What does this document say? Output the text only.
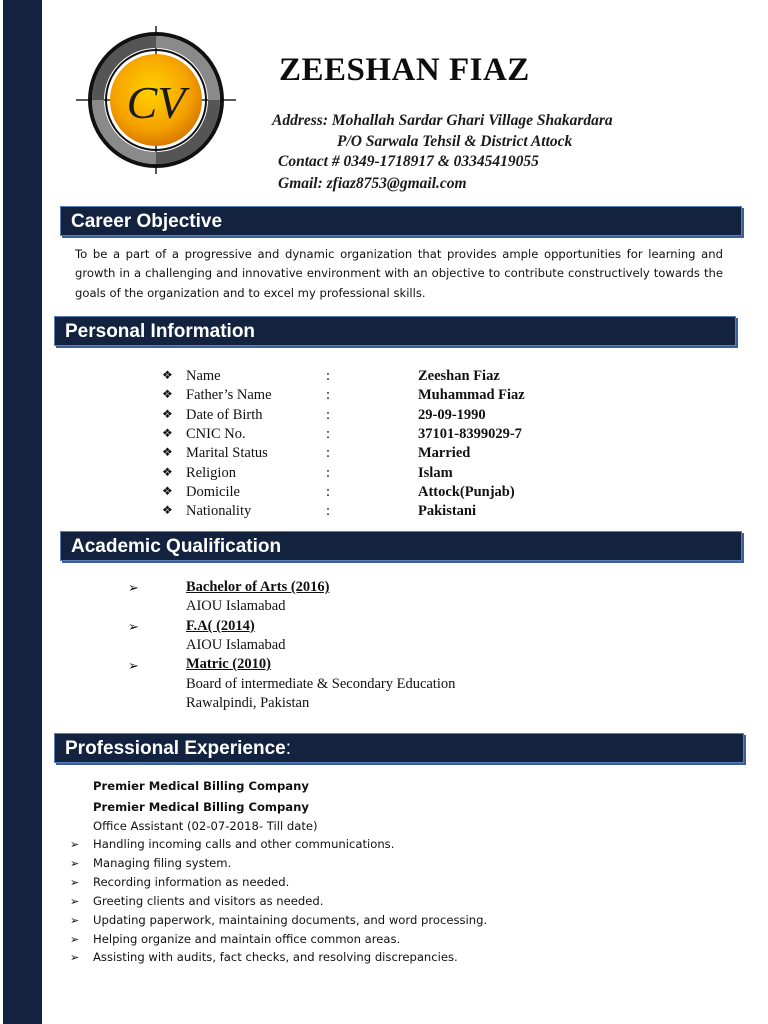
CV
ZEESHAN FIAZ
Address: Mohallah Sardar Ghari Village Shakardara
P/O Sarwala Tehsil & District Attock
Contact # 0349-1718917 & 03345419055
Gmail: zfiaz8753@gmail.com
Career Objective
To be a part of a progressive and dynamic organization that provides ample opportunities for learning and growth in a challenging and innovative environment with an objective to contribute constructively towards the goals of the organization and to excel my professional skills.
Personal Information
❖ Name	:	Zeeshan Fiaz
❖ Father’s Name	:	Muhammad Fiaz
❖ Date of Birth	:	29-09-1990
❖ CNIC No.	:	37101-8399029-7
❖ Marital Status	:	Married
❖ Religion	:	Islam
❖ Domicile	:	Attock(Punjab)
❖ Nationality	:	Pakistani
Academic Qualification
➢	Bachelor of Arts (2016)
AIOU Islamabad
➢	F.A( (2014)
AIOU Islamabad
➢	Matric (2010)
Board of intermediate & Secondary Education
Rawalpindi, Pakistan
Professional Experience:
Premier Medical Billing Company
Premier Medical Billing Company
Office Assistant (02-07-2018- Till date)
➢ Handling incoming calls and other communications.
➢ Managing filing system.
➢ Recording information as needed.
➢ Greeting clients and visitors as needed.
➢ Updating paperwork, maintaining documents, and word processing.
➢ Helping organize and maintain office common areas.
➢ Assisting with audits, fact checks, and resolving discrepancies.
